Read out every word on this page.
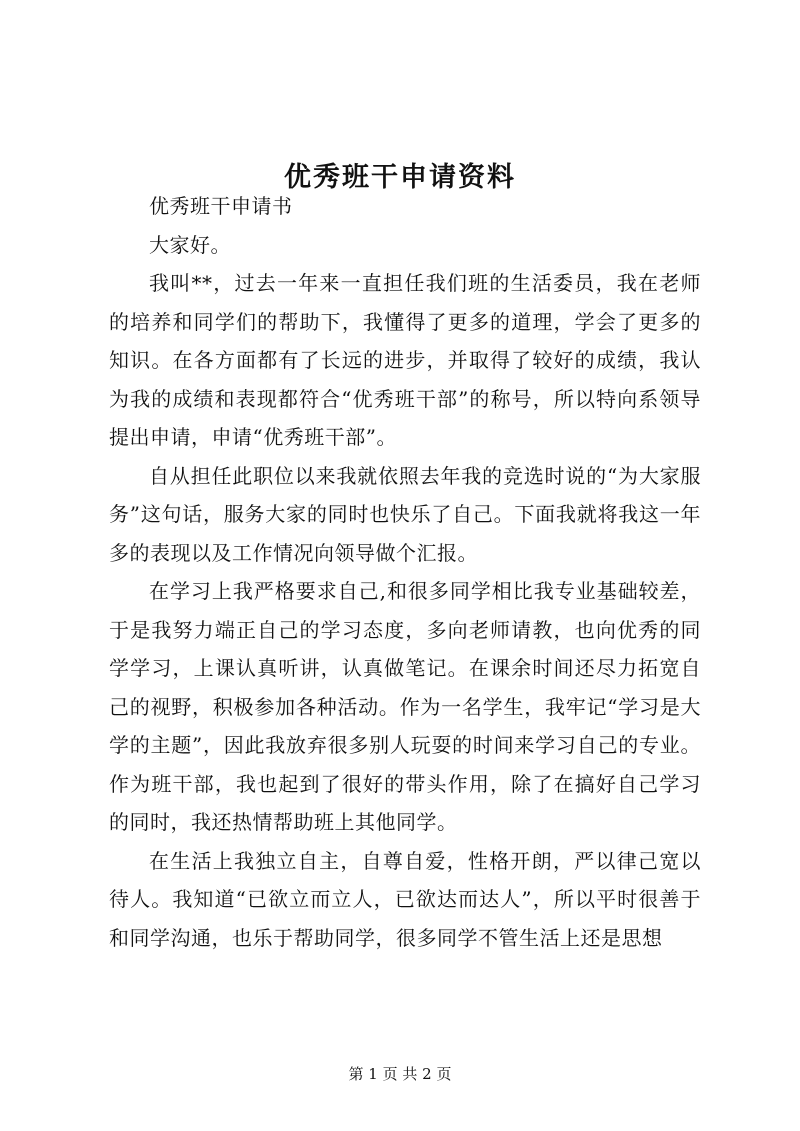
优秀班干申请资料

优秀班干申请书

大家好。

我叫**，过去一年来一直担任我们班的生活委员，我在老师的培养和同学们的帮助下，我懂得了更多的道理，学会了更多的知识。在各方面都有了长远的进步，并取得了较好的成绩，我认为我的成绩和表现都符合“优秀班干部”的称号，所以特向系领导提出申请，申请“优秀班干部”。

自从担任此职位以来我就依照去年我的竞选时说的“为大家服务”这句话，服务大家的同时也快乐了自己。下面我就将我这一年多的表现以及工作情况向领导做个汇报。

在学习上我严格要求自己,和很多同学相比我专业基础较差，于是我努力端正自己的学习态度，多向老师请教，也向优秀的同学学习，上课认真听讲，认真做笔记。在课余时间还尽力拓宽自己的视野，积极参加各种活动。作为一名学生，我牢记“学习是大学的主题”，因此我放弃很多别人玩耍的时间来学习自己的专业。作为班干部，我也起到了很好的带头作用，除了在搞好自己学习的同时，我还热情帮助班上其他同学。

在生活上我独立自主，自尊自爱，性格开朗，严以律己宽以待人。我知道“已欲立而立人，已欲达而达人”，所以平时很善于和同学沟通，也乐于帮助同学，很多同学不管生活上还是思想

第 1 页 共 2 页
